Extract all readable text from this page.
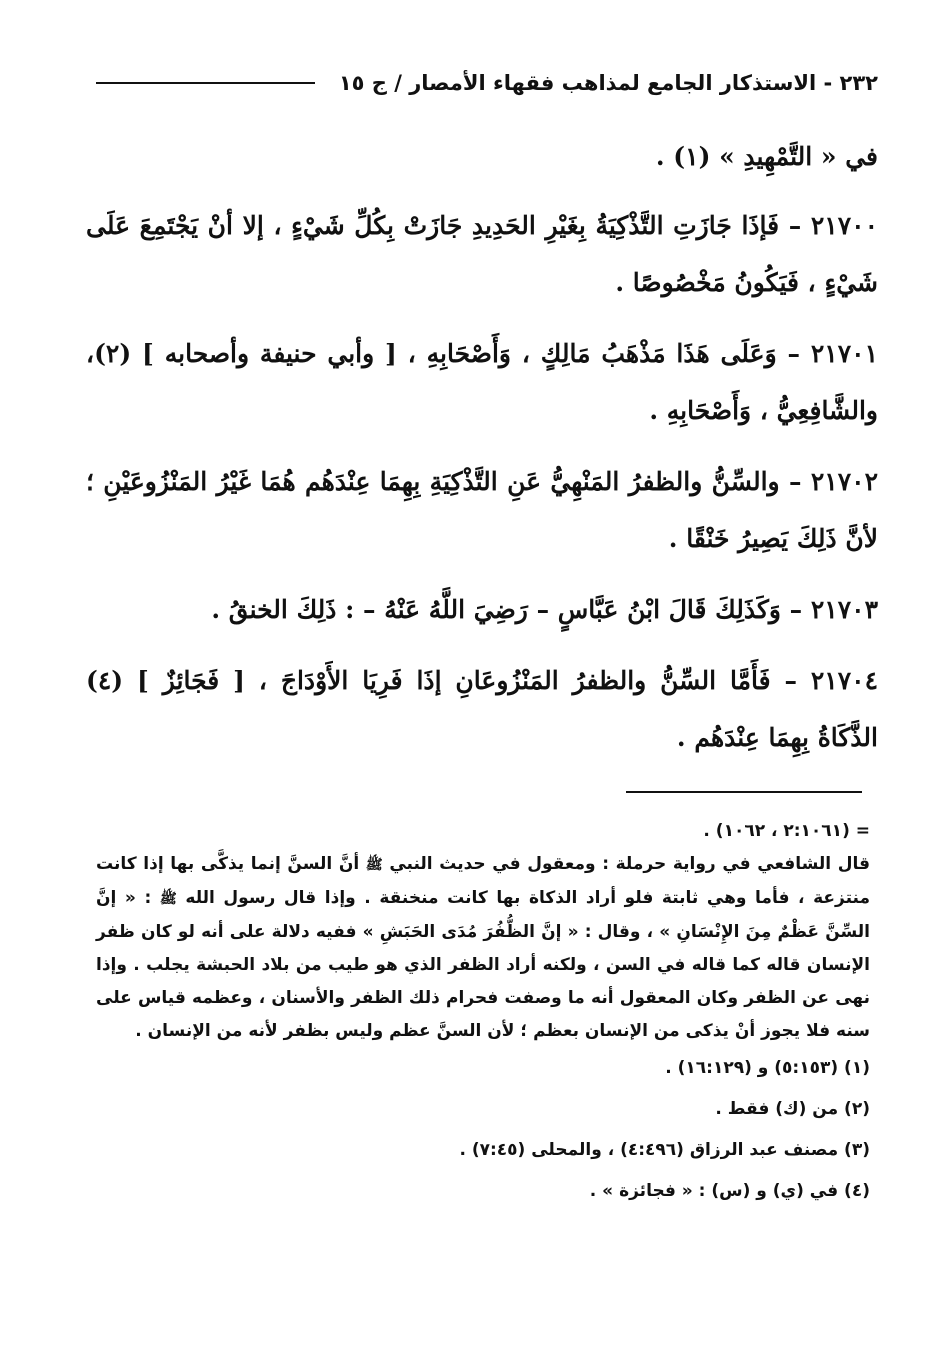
٢٣٢ - الاستذكار الجامع لمذاهب فقهاء الأمصار / ج ١٥

في « التَّمْهِيدِ » (١) .

٢١٧٠٠ – فَإذَا جَازَتِ التَّذْكِيَةُ بِغَيْرِ الحَدِيدِ جَازَتْ بِكُلِّ شَيْءٍ ، إلا أنْ يَجْتَمِعَ عَلَى شَيْءٍ ، فَيَكُونُ مَخْصُوصًا .

٢١٧٠١ – وَعَلَى هَذَا مَذْهَبُ مَالِكٍ ، وَأَصْحَابِهِ ، [ وأبي حنيفة وأصحابه ] (٢)، والشَّافِعِيُّ ، وَأَصْحَابِهِ .

٢١٧٠٢ – والسِّنُّ والظفرُ المَنْهِيُّ عَنِ التَّذْكِيَةِ بِهِمَا عِنْدَهُم هُمَا غَيْرُ المَنْزُوعَيْنِ ؛ لأنَّ ذَلِكَ يَصِيرُ خَنْقًا .

٢١٧٠٣ – وَكَذَلِكَ قَالَ ابْنُ عَبَّاسٍ – رَضِيَ اللَّهُ عَنْهُ – : ذَلِكَ الخنقُ .

٢١٧٠٤ – فَأَمَّا السِّنُّ والظفرُ المَنْزُوعَانِ إذَا فَرِيَا الأَوْدَاجَ ، [ فَجَائِزٌ ] (٤) الذَّكَاةُ بِهِمَا عِنْدَهُم .

= (٢:١٠٦١ ، ١٠٦٢) .

قال الشافعي في رواية حرملة : ومعقول في حديث النبي ﷺ أنَّ السنَّ إنما يذكَّى بها إذا كانت منتزعة ، فأما وهي ثابتة فلو أراد الذكاة بها كانت منخنقة . وإذا قال رسول الله ﷺ : « إنَّ السِّنَّ عَظْمٌ مِنَ الإِنْسَانِ » ، وقال : « إنَّ الظُّفُرَ مُدَى الحَبَشِ » ففيه دلالة على أنه لو كان ظفر الإنسان قاله كما قاله في السن ، ولكنه أراد الظفر الذي هو طيب من بلاد الحبشة يجلب . وإذا نهى عن الظفر وكان المعقول أنه ما وصفت فحرام ذلك الظفر والأسنان ، وعظمه قياس على سنه فلا يجوز أنْ يذكى من الإنسان بعظم ؛ لأن السنَّ عظم وليس بظفر لأنه من الإنسان .

(١) (٥:١٥٣) و (١٦:١٢٩) .

(٢) من (ك) فقط .

(٣) مصنف عبد الرزاق (٤:٤٩٦) ، والمحلى (٧:٤٥) .

(٤) في (ي) و (س) : « فجائزة » .
